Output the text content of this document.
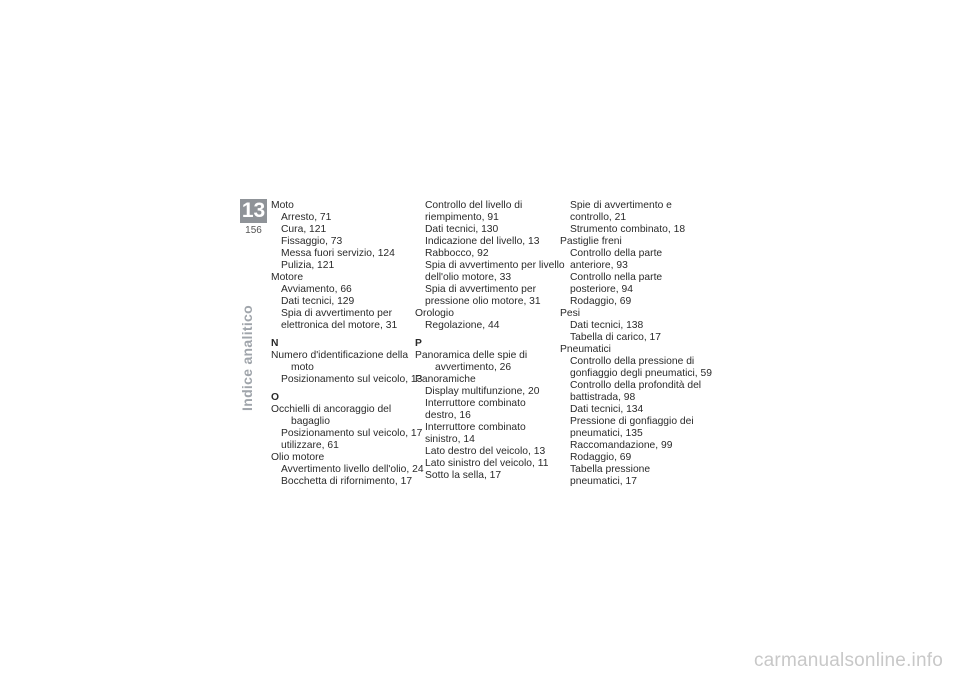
13
156
Indice analitico
Moto
Arresto, 71
Cura, 121
Fissaggio, 73
Messa fuori servizio, 124
Pulizia, 121
Motore
Avviamento, 66
Dati tecnici, 129
Spia di avvertimento per
elettronica del motore, 31
N
Numero d'identificazione della
moto
Posizionamento sul veicolo, 13
O
Occhielli di ancoraggio del
bagaglio
Posizionamento sul veicolo, 17
utilizzare, 61
Olio motore
Avvertimento livello dell'olio, 24
Bocchetta di rifornimento, 17
Controllo del livello di
riempimento, 91
Dati tecnici, 130
Indicazione del livello, 13
Rabbocco, 92
Spia di avvertimento per livello
dell'olio motore, 33
Spia di avvertimento per
pressione olio motore, 31
Orologio
Regolazione, 44
P
Panoramica delle spie di
avvertimento, 26
Panoramiche
Display multifunzione, 20
Interruttore combinato
destro, 16
Interruttore combinato
sinistro, 14
Lato destro del veicolo, 13
Lato sinistro del veicolo, 11
Sotto la sella, 17
Spie di avvertimento e
controllo, 21
Strumento combinato, 18
Pastiglie freni
Controllo della parte
anteriore, 93
Controllo nella parte
posteriore, 94
Rodaggio, 69
Pesi
Dati tecnici, 138
Tabella di carico, 17
Pneumatici
Controllo della pressione di
gonfiaggio degli pneumatici, 59
Controllo della profondità del
battistrada, 98
Dati tecnici, 134
Pressione di gonfiaggio dei
pneumatici, 135
Raccomandazione, 99
Rodaggio, 69
Tabella pressione
pneumatici, 17
carmanualsonline.info
